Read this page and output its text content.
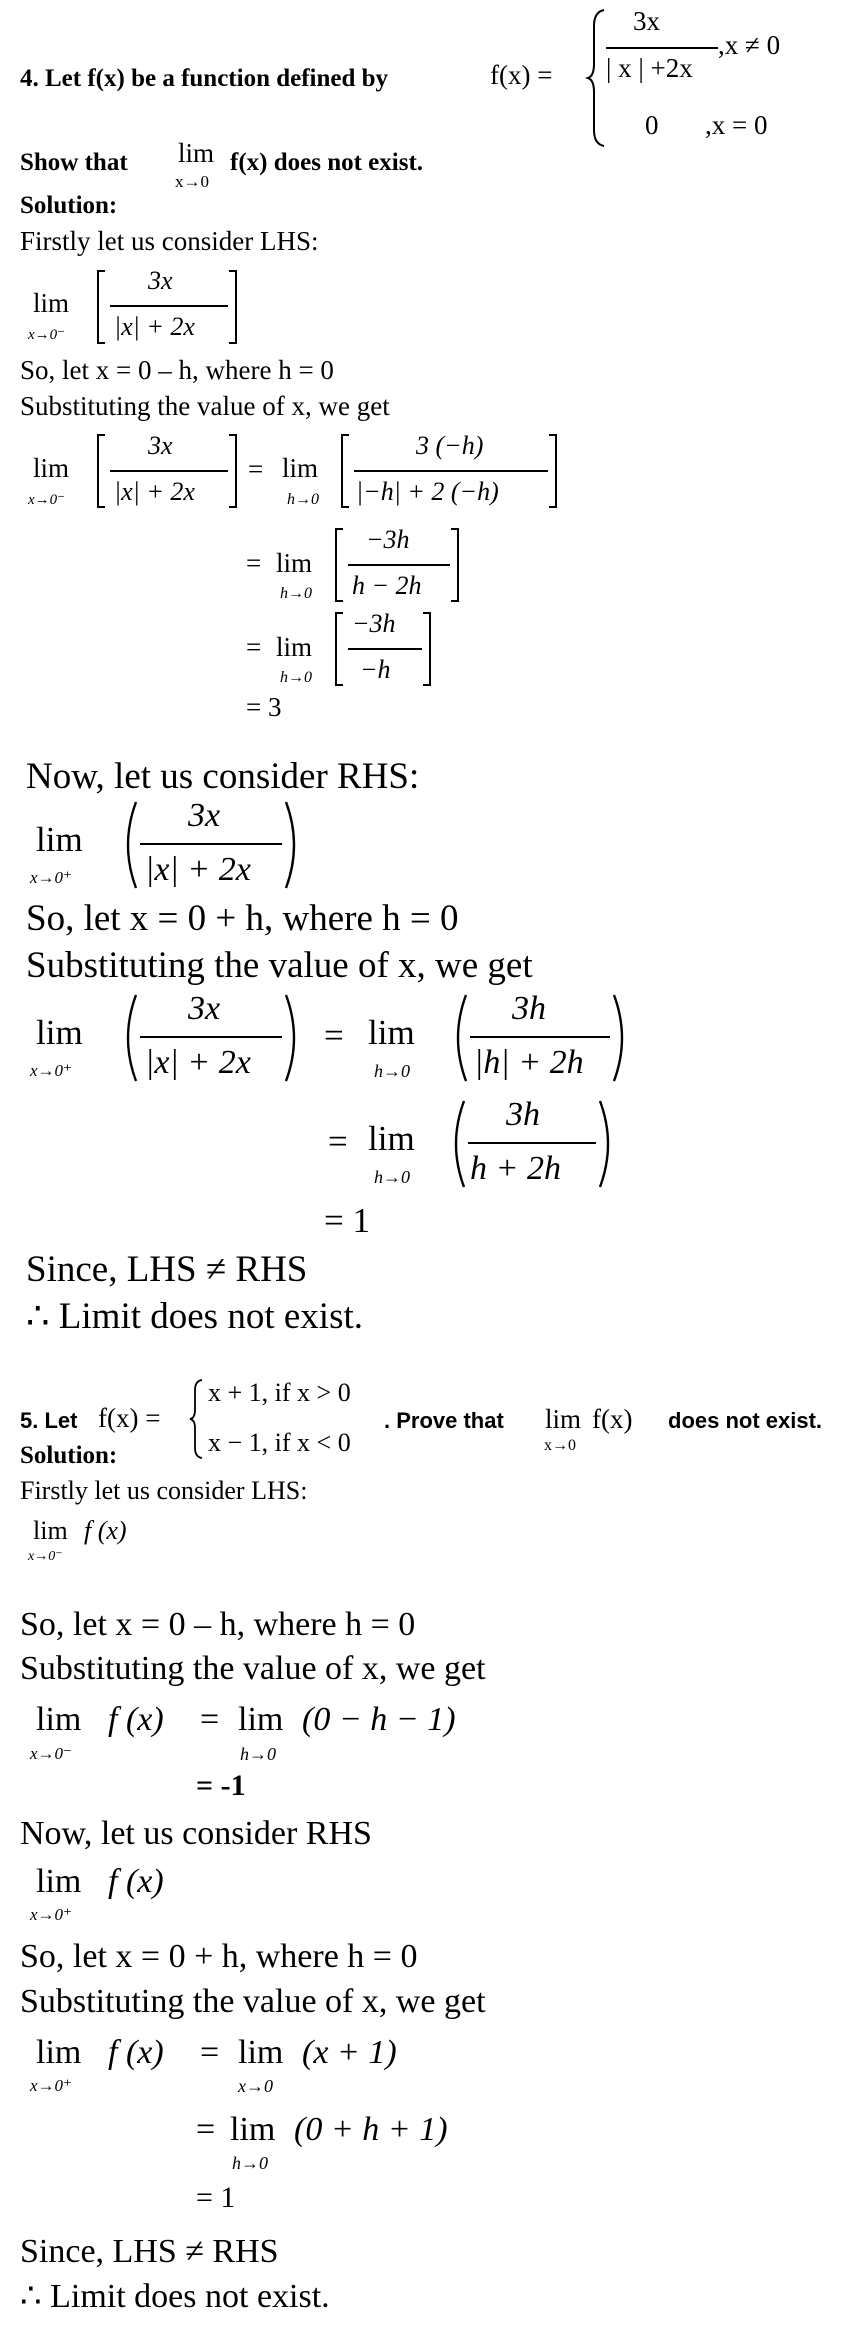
4. Let f(x) be a function defined by	f(x) =
3x
| x | +2x
,x ≠ 0
0 ,x = 0
Show that lim
x→0
f(x) does not exist.
Solution:
Firstly let us consider LHS:
lim
x→0⁻
3x
|x| + 2x
So, let x = 0 – h, where h = 0
Substituting the value of x, we get
lim
x→0⁻
3x
|x| + 2x
= lim
h→0
3 (−h)
|−h| + 2 (−h)
= lim
h→0
−3h
h − 2h
= lim
h→0
−3h
−h
= 3
Now, let us consider RHS:
lim
x→0⁺
3x
|x| + 2x
So, let x = 0 + h, where h = 0
Substituting the value of x, we get
lim
x→0⁺
3x
|x| + 2x
= lim
h→0
3h
|h| + 2h
= lim
h→0
3h
h + 2h
= 1
Since, LHS ≠ RHS
∴ Limit does not exist.
5. Let f(x) =
x + 1, if x > 0
x − 1, if x < 0
. Prove that lim
x→0
f(x) does not exist.
Solution:
Firstly let us consider LHS:
lim f (x)
x→0⁻
So, let x = 0 – h, where h = 0
Substituting the value of x, we get
lim f (x)
x→0⁻
= lim
h→0
(0 − h − 1)
= -1
Now, let us consider RHS
lim f (x)
x→0⁺
So, let x = 0 + h, where h = 0
Substituting the value of x, we get
lim f (x)
x→0⁺
= lim
x→0
(x + 1)
= lim
h→0
(0 + h + 1)
= 1
Since, LHS ≠ RHS
∴ Limit does not exist.
